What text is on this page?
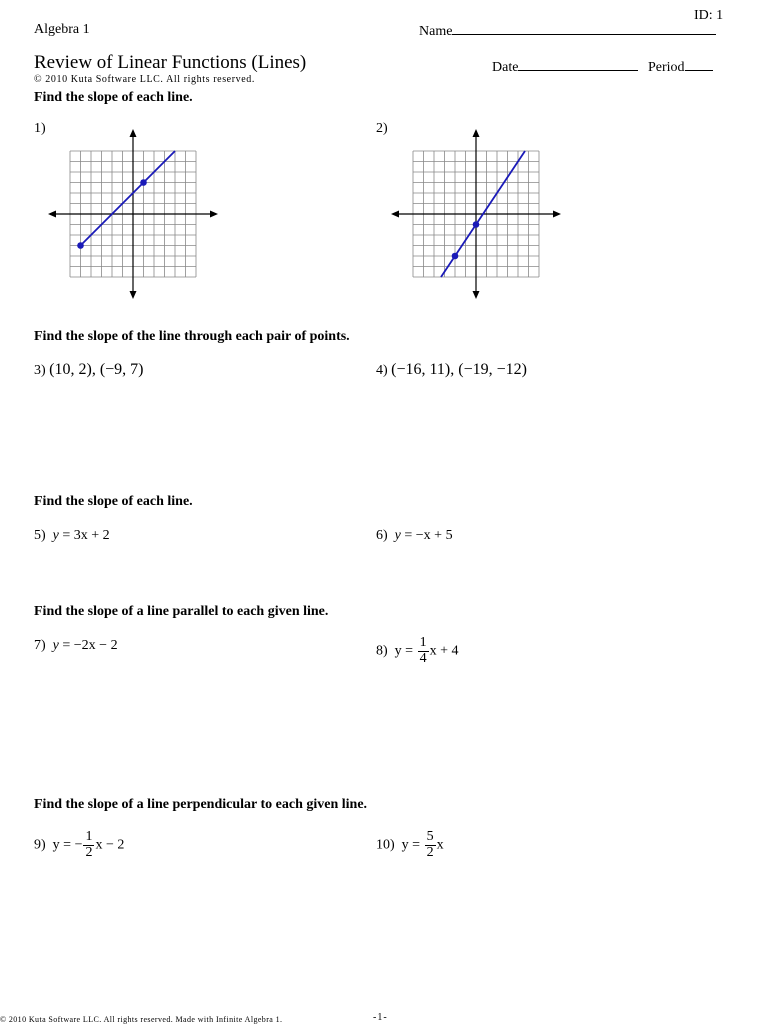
Algebra 1
ID: 1
Name
Review of Linear Functions (Lines)	Date	Period
© 2010 Kuta Software LLC. All rights reserved.
Find the slope of each line.
1)	2)
Find the slope of the line through each pair of points.
3) (10, 2), (−9, 7)	4) (−16, 11), (−19, −12)
Find the slope of each line.
5) y = 3x + 2	6) y = −x + 5
Find the slope of a line parallel to each given line.
7) y = −2x − 2	8) $y = \frac{1}{4}$ x + 4
Find the slope of a line perpendicular to each given line.
9) y = − $\frac{1}{2}$ x − 2	10) $y = \frac{5}{2}$ x
© 2010 Kuta Software LLC. All rights reserved. Made with Infinite Algebra 1.	-1-
